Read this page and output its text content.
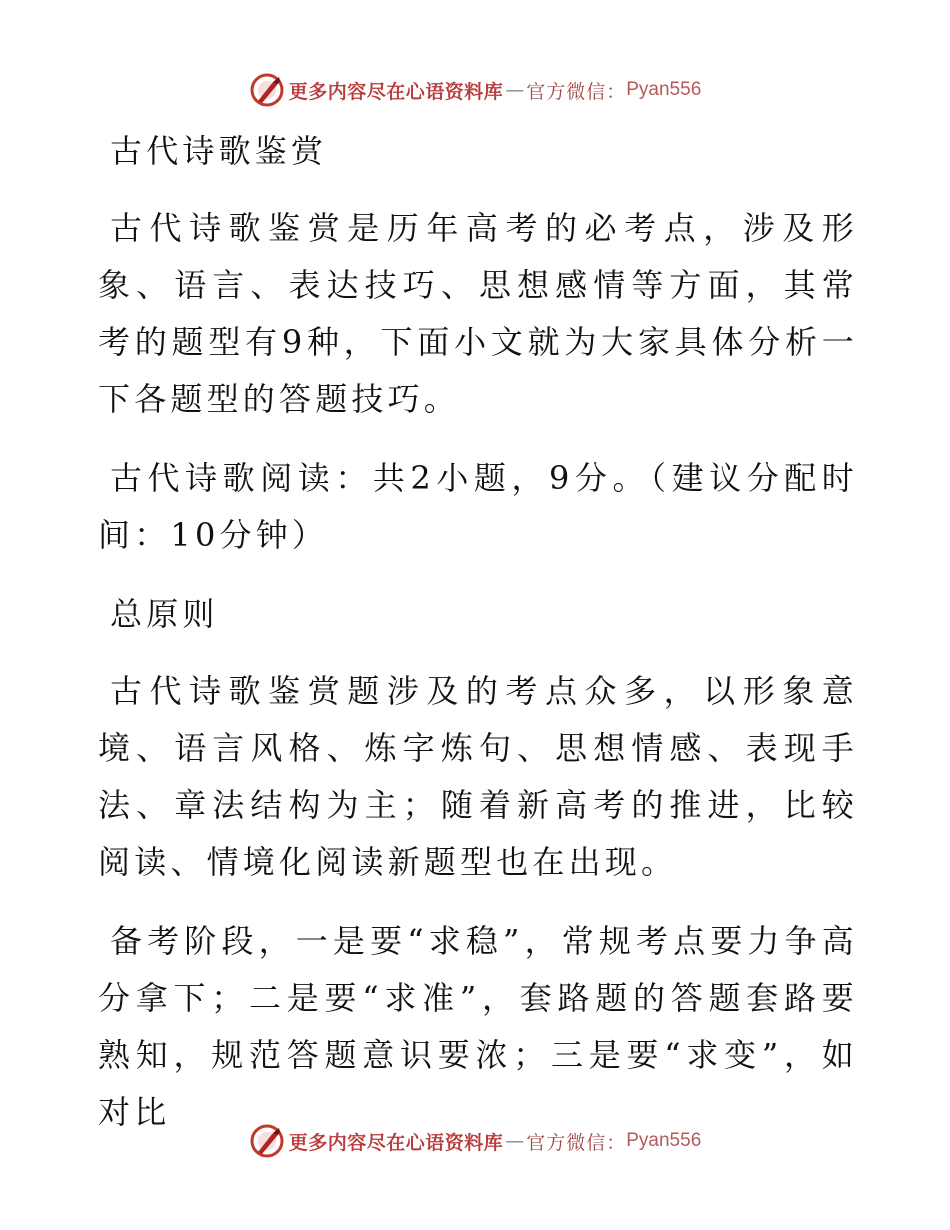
更多内容尽在心语资料库 — 官方微信： Pyan556

古代诗歌鉴赏

古代诗歌鉴赏是历年高考的必考点，涉及形象、语言、表达技巧、思想感情等方面，其常考的题型有9种，下面小文就为大家具体分析一下各题型的答题技巧。

古代诗歌阅读：共2小题，9分。（建议分配时间：10分钟）

总原则

古代诗歌鉴赏题涉及的考点众多，以形象意境、语言风格、炼字炼句、思想情感、表现手法、章法结构为主；随着新高考的推进，比较阅读、情境化阅读新题型也在出现。

备考阶段，一是要“求稳”，常规考点要力争高分拿下；二是要“求准”，套路题的答题套路要熟知，规范答题意识要浓；三是要“求变”，如对比

更多内容尽在心语资料库 — 官方微信： Pyan556
